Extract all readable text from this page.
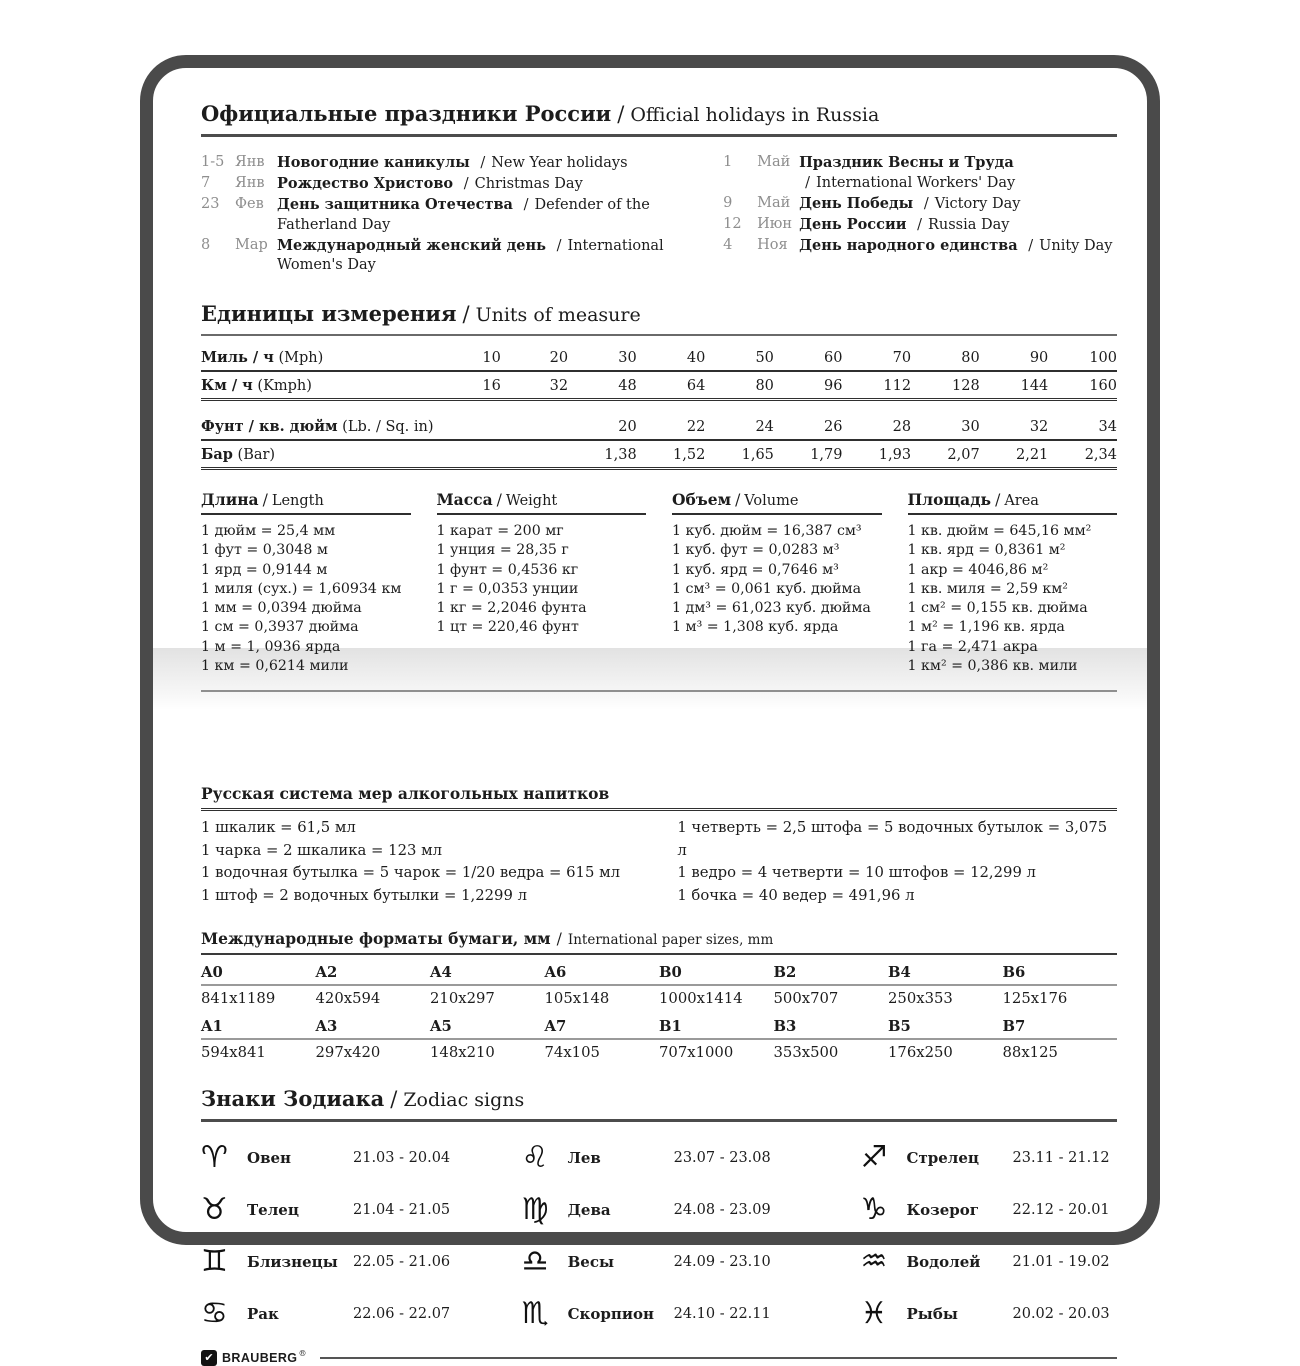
Официальные праздники России / Official holidays in Russia
1-5 Янв Новогодние каникулы / New Year holidays
7	Янв Рождество Христово / Christmas Day
23	Фев День защитника Отечества / Defender of the Fatherland Day
8	Мар Международный женский день / International Women's Day
1	Май Праздник Весны и Труда / International Workers' Day
9	Май День Победы / Victory Day
12	Июн День России / Russia Day
4	Ноя День народного единства / Unity Day
Единицы измерения / Units of measure
Миль / ч (Mph)	10	20	30	40	50	60	70	80	90	100
Км / ч (Kmph)	16	32	48	64	80	96	112	128	144	160

Фунт / кв. дюйм (Lb. / Sq. in)			20	22	24	26	28	30	32	34
Бар (Bar)			1,38	1,52	1,65	1,79	1,93	2,07	2,21	2,34
Длина / Length
1 дюйм = 25,4 мм
1 фут = 0,3048 м
1 ярд = 0,9144 м
1 миля (сух.) = 1,60934 км
1 мм = 0,0394 дюйма
1 см = 0,3937 дюйма
1 м = 1, 0936 ярда
1 км = 0,6214 мили
Масса / Weight
1 карат = 200 мг
1 унция = 28,35 г
1 фунт = 0,4536 кг
1 г = 0,0353 унции
1 кг = 2,2046 фунта
1 цт = 220,46 фунт
Объем / Volume
1 куб. дюйм = 16,387 см³
1 куб. фут = 0,0283 м³
1 куб. ярд = 0,7646 м³
1 см³ = 0,061 куб. дюйма
1 дм³ = 61,023 куб. дюйма
1 м³ = 1,308 куб. ярда
Площадь / Area
1 кв. дюйм = 645,16 мм²
1 кв. ярд = 0,8361 м²
1 акр = 4046,86 м²
1 кв. миля = 2,59 км²
1 см² = 0,155 кв. дюйма
1 м² = 1,196 кв. ярда
1 га = 2,471 акра
1 км² = 0,386 кв. мили
Русская система мер алкогольных напитков
1 шкалик = 61,5 мл
1 чарка = 2 шкалика = 123 мл
1 водочная бутылка = 5 чарок = 1/20 ведра = 615 мл
1 штоф = 2 водочных бутылки = 1,2299 л
1 четверть = 2,5 штофа = 5 водочных бутылок = 3,075 л
1 ведро = 4 четверти = 10 штофов = 12,299 л
1 бочка = 40 ведер = 491,96 л
Международные форматы бумаги, мм / International paper sizes, mm
A0	A2	A4	A6	B0	B2	B4	B6
841x1189	420x594	210x297	105x148	1000x1414	500x707	250x353	125x176
A1	A3	A5	A7	B1	B3	B5	B7
594x841	297x420	148x210	74x105	707x1000	353x500	176x250	88x125
Знаки Зодиака / Zodiac signs
♈	Овен	21.03 - 20.04
♉	Телец	21.04 - 21.05
♊	Близнецы	22.05 - 21.06
♋	Рак	22.06 - 22.07
♌	Лев	23.07 - 23.08
♍	Дева	24.08 - 23.09
♎	Весы	24.09 - 23.10
♏	Скорпион	24.10 - 22.11
♐	Стрелец	23.11 - 21.12
♑	Козерог	22.12 - 20.01
♒	Водолей	21.01 - 19.02
♓	Рыбы	20.02 - 20.03
✔ BRAUBERG ®
